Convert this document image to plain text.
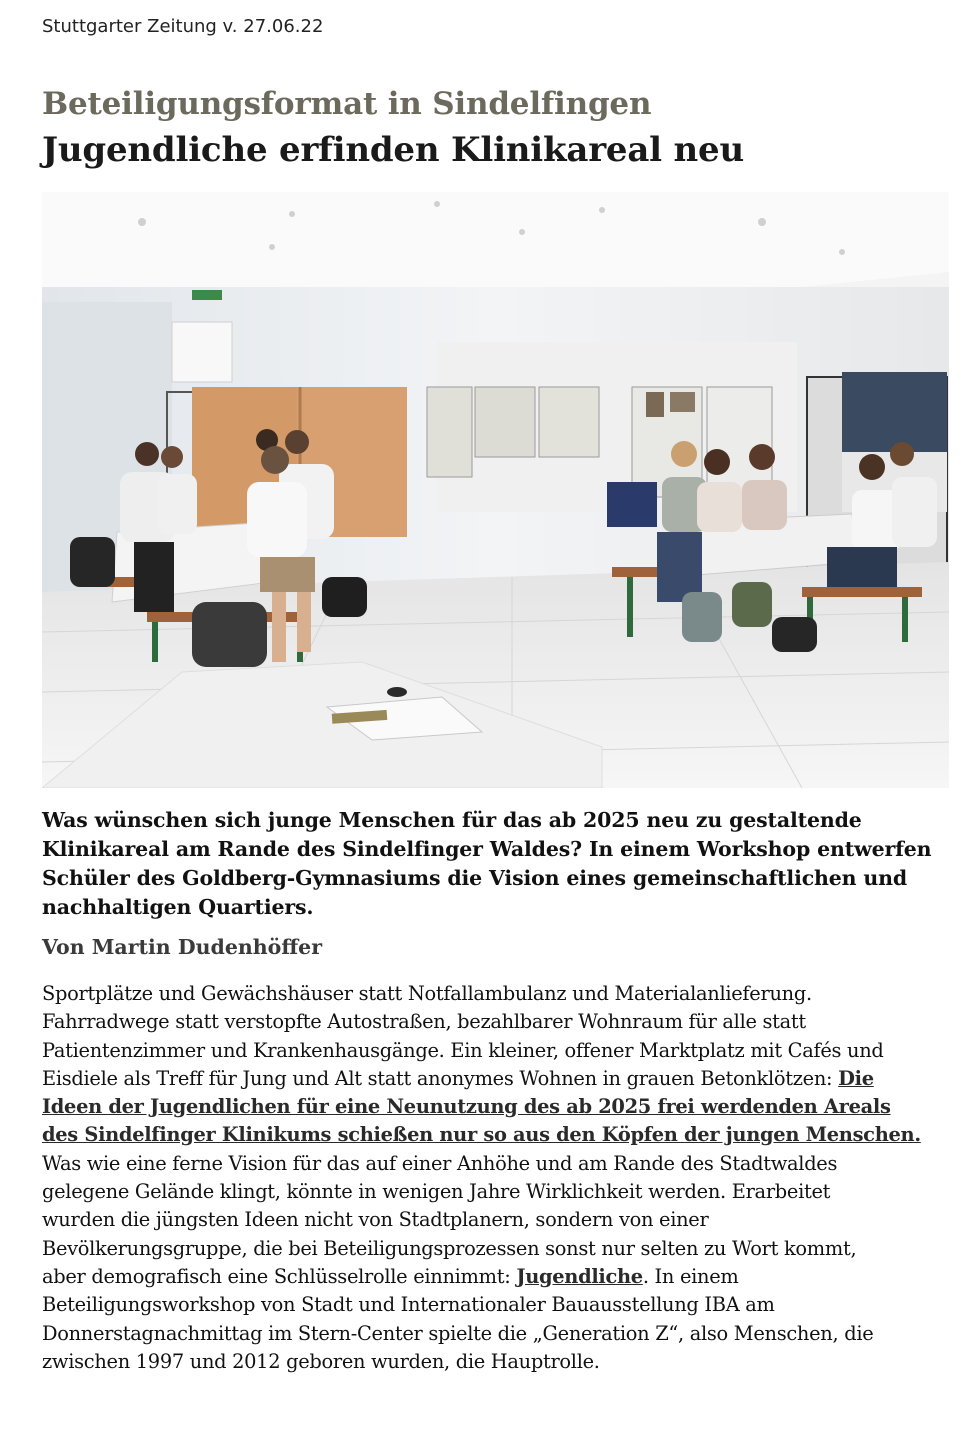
Stuttgarter Zeitung v. 27.06.22
Beteiligungsformat in Sindelfingen
Jugendliche erfinden Klinikareal neu

Was wünschen sich junge Menschen für das ab 2025 neu zu gestaltende
Klinikareal am Rande des Sindelfinger Waldes? In einem Workshop entwerfen
Schüler des Goldberg-Gymnasiums die Vision eines gemeinschaftlichen und
nachhaltigen Quartiers.

Von Martin Dudenhöffer

Sportplätze und Gewächshäuser statt Notfallambulanz und Materialanlieferung.
Fahrradwege statt verstopfte Autostraßen, bezahlbarer Wohnraum für alle statt
Patientenzimmer und Krankenhausgänge. Ein kleiner, offener Marktplatz mit Cafés und
Eisdiele als Treff für Jung und Alt statt anonymes Wohnen in grauen Betonklötzen: Die
Ideen der Jugendlichen für eine Neunutzung des ab 2025 frei werdenden Areals
des Sindelfinger Klinikums schießen nur so aus den Köpfen der jungen Menschen.
Was wie eine ferne Vision für das auf einer Anhöhe und am Rande des Stadtwaldes
gelegene Gelände klingt, könnte in wenigen Jahre Wirklichkeit werden. Erarbeitet
wurden die jüngsten Ideen nicht von Stadtplanern, sondern von einer
Bevölkerungsgruppe, die bei Beteiligungsprozessen sonst nur selten zu Wort kommt,
aber demografisch eine Schlüsselrolle einnimmt: Jugendliche. In einem
Beteiligungsworkshop von Stadt und Internationaler Bauausstellung IBA am
Donnerstagnachmittag im Stern-Center spielte die „Generation Z“, also Menschen, die
zwischen 1997 und 2012 geboren wurden, die Hauptrolle.
